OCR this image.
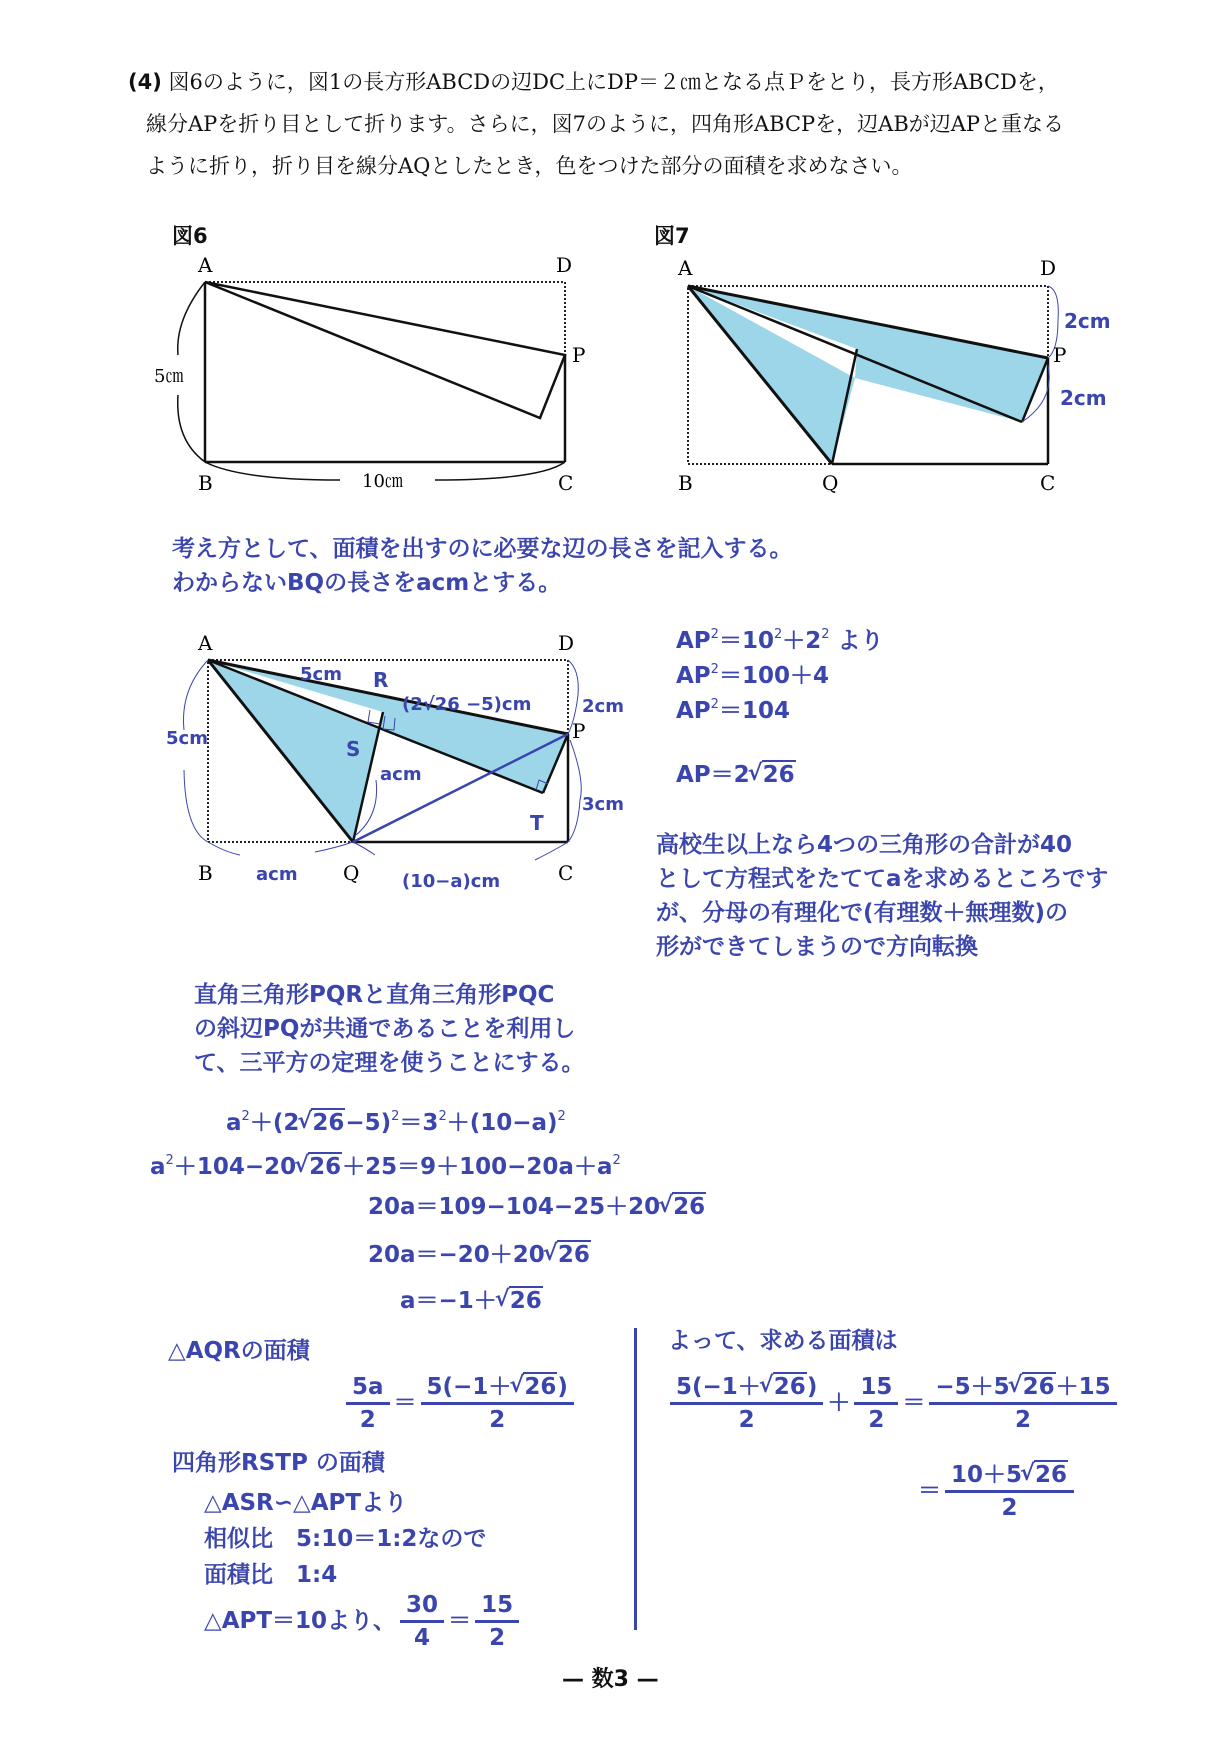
(4) 図6のように，図1の長方形ABCDの辺DC上にDP＝２㎝となる点Ｐをとり，長方形ABCDを，
線分APを折り目として折ります。さらに，図7のように，四角形ABCPを，辺ABが辺APと重なる
ように折り，折り目を線分AQとしたとき，色をつけた部分の面積を求めなさい。
図6
A	D
P
B	C
5㎝
10㎝
図7
A	D
P
B	Q	C
2cm
2cm
考え方として、面積を出すのに必要な辺の長さを記入する。
わからないBQの長さをacmとする。
A	D
P
B	Q	C
R
S
T
5cm
(2√26 −5)cm	2cm
5cm
acm
3cm
acm	(10−a)cm
$AP^2=10^2+2^2$ より
$AP^2=100+4$
$AP^2=104$
AP＝2 √ 26
高校生以上なら4つの三角形の合計が40
として方程式をたててaを求めるところです
が、分母の有理化で(有理数＋無理数)の
形ができてしまうので方向転換
直角三角形PQRと直角三角形PQC
の斜辺PQが共通であることを利用し
て、三平方の定理を使うことにする。
$a^2+(2$ √ $26-5)^2=3^2+(10-a)^2$
$a^2+104-20$ √ $26+25=9+100-20a+a^2$
20a＝109−104−25＋20 √ 26
20a＝−20＋20 √ 26
a＝−1＋ √ 26
△AQRの面積
$\frac{5a}{2} = \frac{5(-1+ √ 26)}{2}$
四角形RSTP の面積
△ASR∽△APTより
相似比　5:10＝1:2なので
面積比　1:4
△APT＝10より、 $\frac{30}{4} = \frac{15}{2}$
よって、求める面積は
$\frac{5(-1+ √ 26)}{2} + \frac{15}{2} = \frac{-5+5 √ 26+15}{2}$
＝ $\frac{10+5 √ 26}{2}$
— 数3 —
